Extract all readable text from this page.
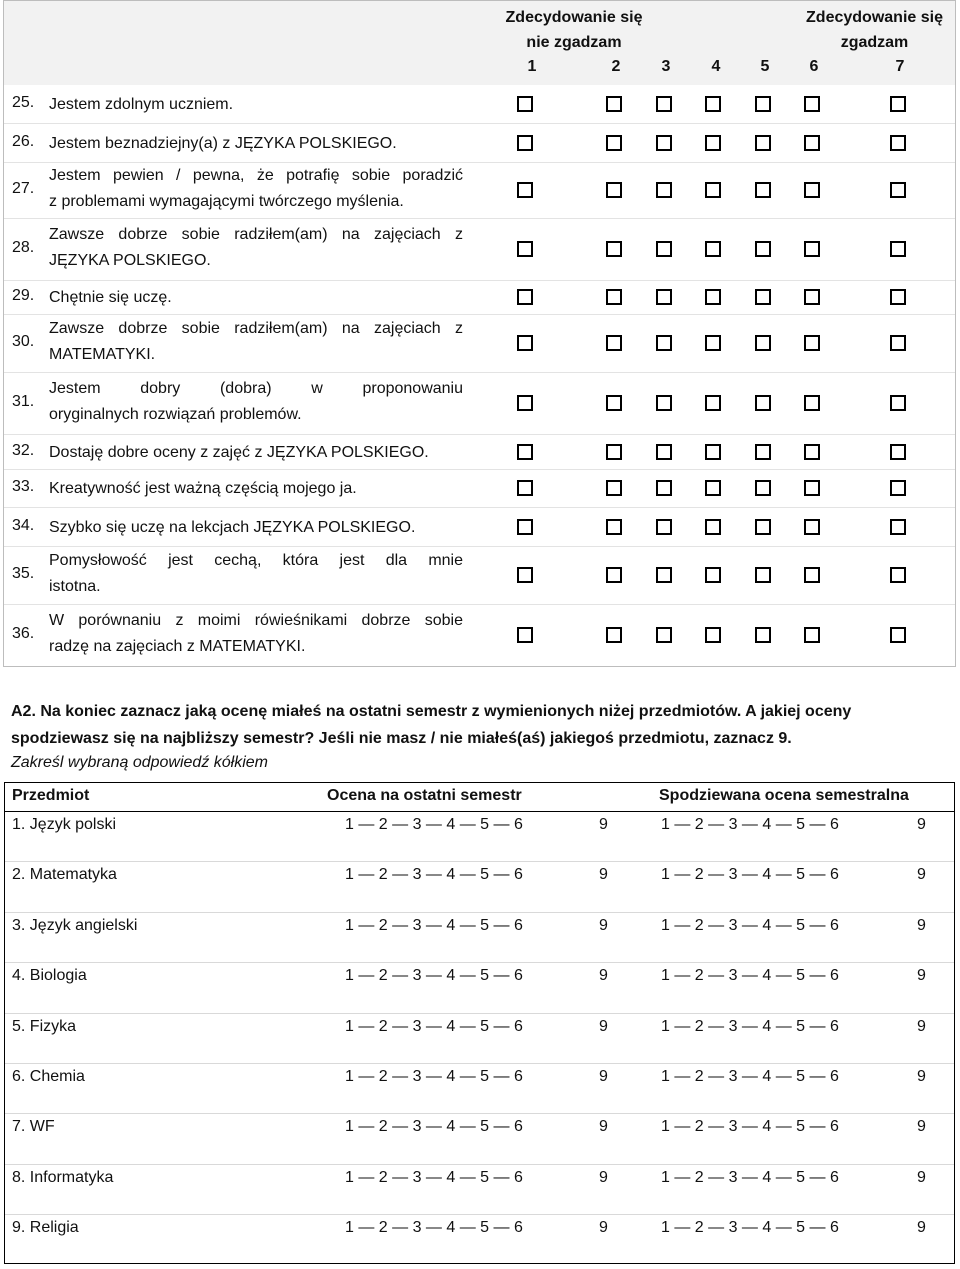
Zdecydowanie się
nie zgadzam
Zdecydowanie się
zgadzam
1	2	3	4	5	6	7
25. Jestem zdolnym uczniem.
26. Jestem beznadziejny(a) z JĘZYKA POLSKIEGO.
27.
Jestem pewien / pewna, że potrafię sobie poradzić
z problemami wymagającymi twórczego myślenia.
28.
Zawsze dobrze sobie radziłem(am) na zajęciach z
JĘZYKA POLSKIEGO.
29. Chętnie się uczę.
30.
Zawsze dobrze sobie radziłem(am) na zajęciach z
MATEMATYKI.
31.
Jestem dobry (dobra) w proponowaniu
oryginalnych rozwiązań problemów.
32. Dostaję dobre oceny z zajęć z JĘZYKA POLSKIEGO.
33. Kreatywność jest ważną częścią mojego ja.
34. Szybko się uczę na lekcjach JĘZYKA POLSKIEGO.
35.
Pomysłowość jest cechą, która jest dla mnie
istotna.
36.
W porównaniu z moimi rówieśnikami dobrze sobie
radzę na zajęciach z MATEMATYKI.
A2. Na koniec zaznacz jaką ocenę miałeś na ostatni semestr z wymienionych niżej przedmiotów. A jakiej oceny
spodziewasz się na najbliższy semestr? Jeśli nie masz / nie miałeś(aś) jakiegoś przedmiotu, zaznacz 9.
Zakreśl wybraną odpowiedź kółkiem
Przedmiot	Ocena na ostatni semestr	Spodziewana ocena semestralna
1. Język polski	1 — 2 — 3 — 4 — 5 — 6	9	1 — 2 — 3 — 4 — 5 — 6	9
2. Matematyka	1 — 2 — 3 — 4 — 5 — 6	9	1 — 2 — 3 — 4 — 5 — 6	9
3. Język angielski	1 — 2 — 3 — 4 — 5 — 6	9	1 — 2 — 3 — 4 — 5 — 6	9
4. Biologia	1 — 2 — 3 — 4 — 5 — 6	9	1 — 2 — 3 — 4 — 5 — 6	9
5. Fizyka	1 — 2 — 3 — 4 — 5 — 6	9	1 — 2 — 3 — 4 — 5 — 6	9
6. Chemia	1 — 2 — 3 — 4 — 5 — 6	9	1 — 2 — 3 — 4 — 5 — 6	9
7. WF	1 — 2 — 3 — 4 — 5 — 6	9	1 — 2 — 3 — 4 — 5 — 6	9
8. Informatyka	1 — 2 — 3 — 4 — 5 — 6	9	1 — 2 — 3 — 4 — 5 — 6	9
9. Religia	1 — 2 — 3 — 4 — 5 — 6	9	1 — 2 — 3 — 4 — 5 — 6	9
